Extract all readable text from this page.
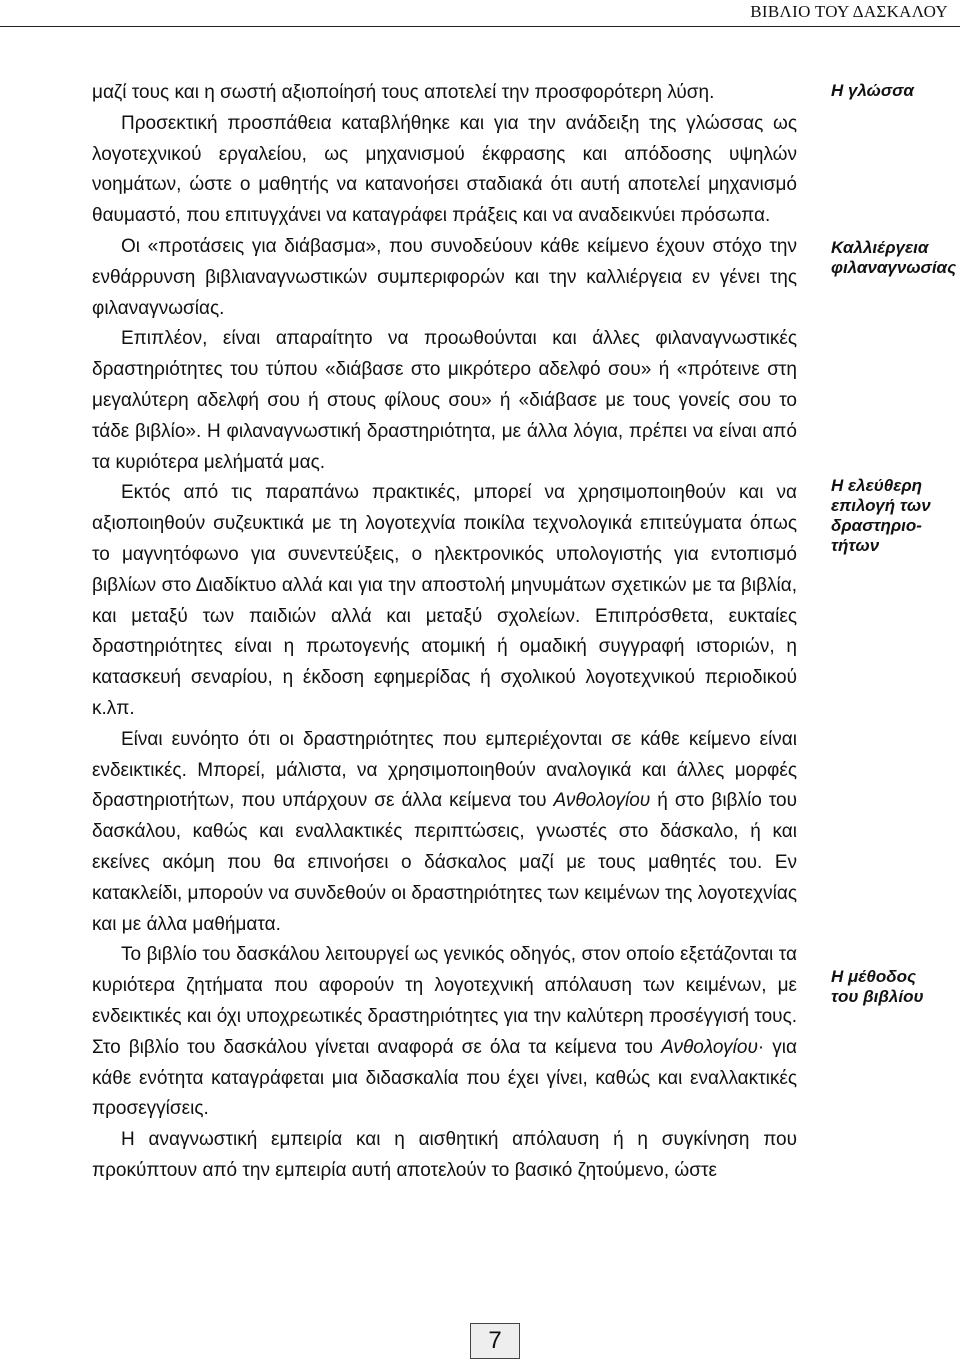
ΒΙΒΛΙΟ ΤΟΥ ΔΑΣΚΑΛΟΥ

μαζί τους και η σωστή αξιοποίησή τους αποτελεί την προσφορότερη λύση.

Προσεκτική προσπάθεια καταβλήθηκε και για την ανάδειξη της γλώσσας ως λογοτεχνικού εργαλείου, ως μηχανισμού έκφρασης και απόδοσης υψηλών νοημάτων, ώστε ο μαθητής να κατανοήσει σταδιακά ότι αυτή αποτελεί μηχανισμό θαυμαστό, που επιτυγχάνει να καταγράφει πράξεις και να αναδεικνύει πρόσωπα.

Οι «προτάσεις για διάβασμα», που συνοδεύουν κάθε κείμενο έχουν στόχο την ενθάρρυνση βιβλιαναγνωστικών συμπεριφορών και την καλλιέργεια εν γένει της φιλαναγνωσίας.

Επιπλέον, είναι απαραίτητο να προωθούνται και άλλες φιλαναγνωστικές δραστηριότητες του τύπου «διάβασε στο μικρότερο αδελφό σου» ή «πρότεινε στη μεγαλύτερη αδελφή σου ή στους φίλους σου» ή «διάβασε με τους γονείς σου το τάδε βιβλίο». Η φιλαναγνωστική δραστηριότητα, με άλλα λόγια, πρέπει να είναι από τα κυριότερα μελήματά μας.

Εκτός από τις παραπάνω πρακτικές, μπορεί να χρησιμοποιηθούν και να αξιοποιηθούν συζευκτικά με τη λογοτεχνία ποικίλα τεχνολογικά επιτεύγματα όπως το μαγνητόφωνο για συνεντεύξεις, ο ηλεκτρονικός υπολογιστής για εντοπισμό βιβλίων στο Διαδίκτυο αλλά και για την αποστολή μηνυμάτων σχετικών με τα βιβλία, και μεταξύ των παιδιών αλλά και μεταξύ σχολείων. Επιπρόσθετα, ευκταίες δραστηριότητες είναι η πρωτογενής ατομική ή ομαδική συγγραφή ιστοριών, η κατασκευή σεναρίου, η έκδοση εφημερίδας ή σχολικού λογοτεχνικού περιοδικού κ.λπ.

Είναι ευνόητο ότι οι δραστηριότητες που εμπεριέχονται σε κάθε κείμενο είναι ενδεικτικές. Μπορεί, μάλιστα, να χρησιμοποιηθούν αναλογικά και άλλες μορφές δραστηριοτήτων, που υπάρχουν σε άλλα κείμενα του Ανθολογίου ή στο βιβλίο του δασκάλου, καθώς και εναλλακτικές περιπτώσεις, γνωστές στο δάσκαλο, ή και εκείνες ακόμη που θα επινοήσει ο δάσκαλος μαζί με τους μαθητές του. Εν κατακλείδι, μπορούν να συνδεθούν οι δραστηριότητες των κειμένων της λογοτεχνίας και με άλλα μαθήματα.

Το βιβλίο του δασκάλου λειτουργεί ως γενικός οδηγός, στον οποίο εξετάζονται τα κυριότερα ζητήματα που αφορούν τη λογοτεχνική απόλαυση των κειμένων, με ενδεικτικές και όχι υποχρεωτικές δραστηριότητες για την καλύτερη προσέγγισή τους. Στο βιβλίο του δασκάλου γίνεται αναφορά σε όλα τα κείμενα του Ανθολογίου· για κάθε ενότητα καταγράφεται μια διδασκαλία που έχει γίνει, καθώς και εναλλακτικές προσεγγίσεις.

Η αναγνωστική εμπειρία και η αισθητική απόλαυση ή η συγκίνηση που προκύπτουν από την εμπειρία αυτή αποτελούν το βασικό ζητούμενο, ώστε

Η γλώσσα
Καλλιέργεια
φιλαναγνωσίας
Η ελεύθερη
επιλογή των
δραστηριο-
τήτων
Η μέθοδος
του βιβλίου
7
